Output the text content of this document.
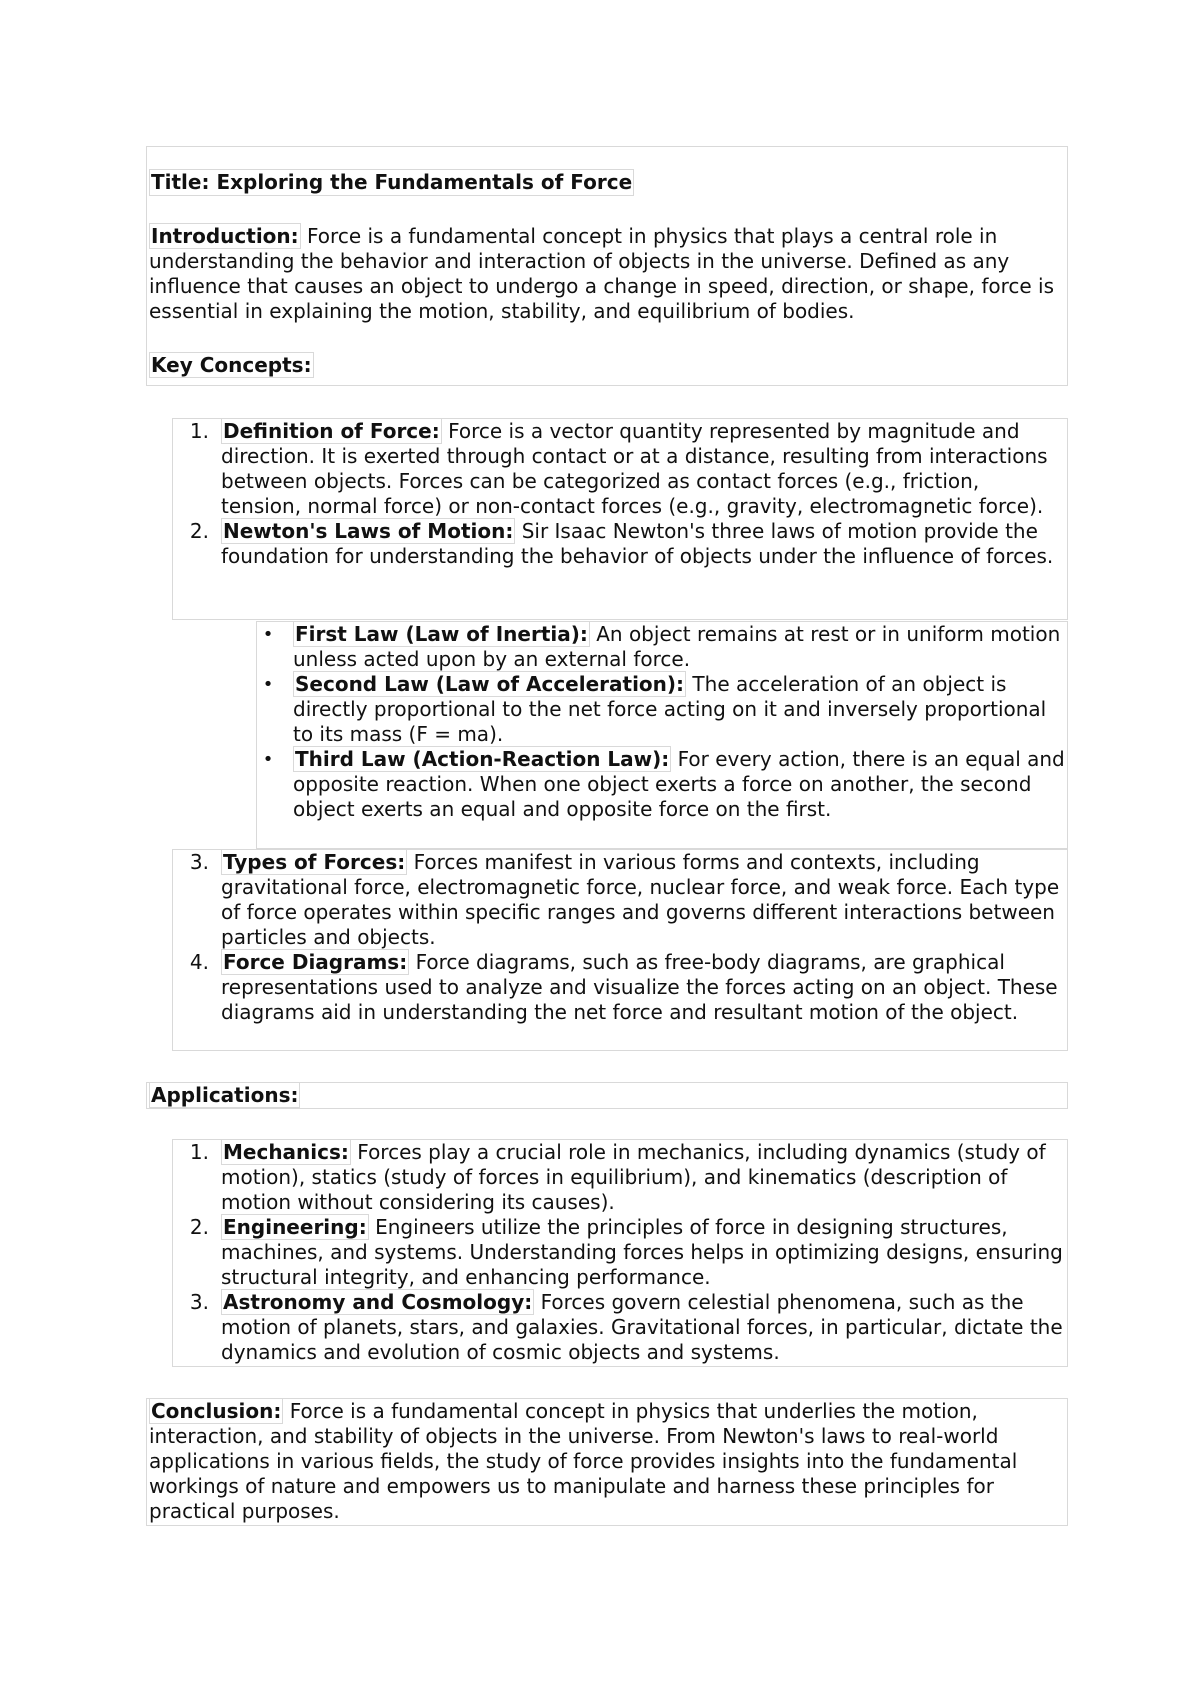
Title: Exploring the Fundamentals of Force

Introduction: Force is a fundamental concept in physics that plays a central role in understanding the behavior and interaction of objects in the universe. Defined as any influence that causes an object to undergo a change in speed, direction, or shape, force is essential in explaining the motion, stability, and equilibrium of bodies.

Key Concepts:
1. Definition of Force: Force is a vector quantity represented by magnitude and direction. It is exerted through contact or at a distance, resulting from interactions between objects. Forces can be categorized as contact forces (e.g., friction, tension, normal force) or non-contact forces (e.g., gravity, electromagnetic force).
2. Newton's Laws of Motion: Sir Isaac Newton's three laws of motion provide the foundation for understanding the behavior of objects under the influence of forces.
•	First Law (Law of Inertia): An object remains at rest or in uniform motion unless acted upon by an external force.
•	Second Law (Law of Acceleration): The acceleration of an object is directly proportional to the net force acting on it and inversely proportional to its mass (F = ma).
•	Third Law (Action-Reaction Law): For every action, there is an equal and opposite reaction. When one object exerts a force on another, the second object exerts an equal and opposite force on the first.
3. Types of Forces: Forces manifest in various forms and contexts, including gravitational force, electromagnetic force, nuclear force, and weak force. Each type of force operates within specific ranges and governs different interactions between particles and objects.
4. Force Diagrams: Force diagrams, such as free-body diagrams, are graphical representations used to analyze and visualize the forces acting on an object. These diagrams aid in understanding the net force and resultant motion of the object.
Applications:
1. Mechanics: Forces play a crucial role in mechanics, including dynamics (study of motion), statics (study of forces in equilibrium), and kinematics (description of motion without considering its causes).
2. Engineering: Engineers utilize the principles of force in designing structures, machines, and systems. Understanding forces helps in optimizing designs, ensuring structural integrity, and enhancing performance.
3. Astronomy and Cosmology: Forces govern celestial phenomena, such as the motion of planets, stars, and galaxies. Gravitational forces, in particular, dictate the dynamics and evolution of cosmic objects and systems.

Conclusion: Force is a fundamental concept in physics that underlies the motion, interaction, and stability of objects in the universe. From Newton's laws to real-world applications in various fields, the study of force provides insights into the fundamental workings of nature and empowers us to manipulate and harness these principles for practical purposes.
